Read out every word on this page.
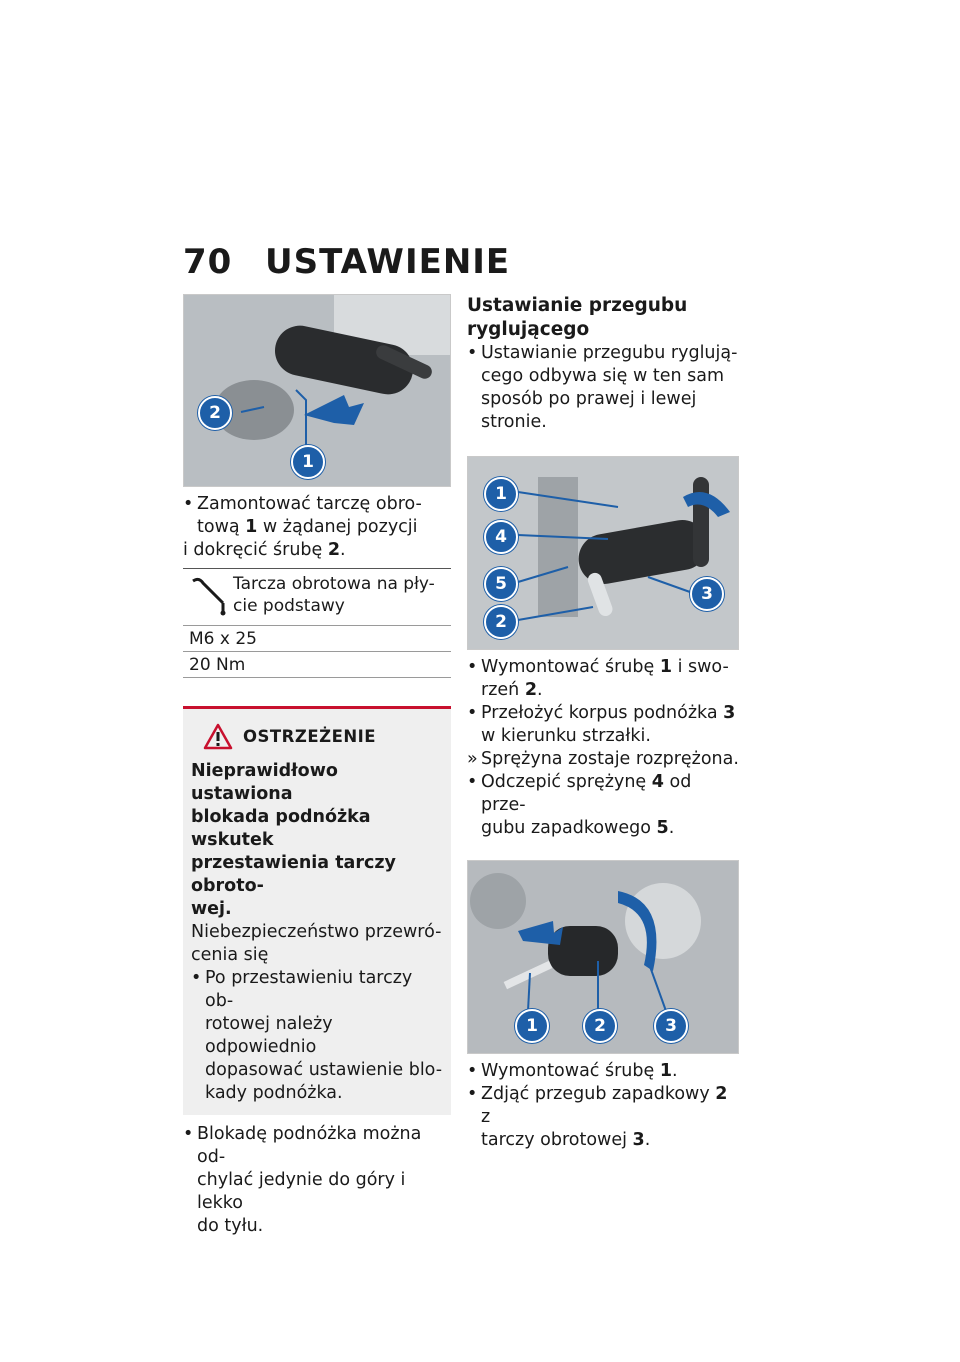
70 USTAWIENIE
2
1
• Zamontować tarczę obro-
tową 1 w żądanej pozycji
i dokręcić śrubę 2.
Tarcza obrotowa na pły-
cie podstawy
M6 x 25
20 Nm
OSTRZEŻENIE
Nieprawidłowo ustawiona
blokada podnóżka wskutek
przestawienia tarczy obroto-
wej.
Niebezpieczeństwo przewró-
cenia się
• Po przestawieniu tarczy ob-
rotowej należy odpowiednio
dopasować ustawienie blo-
kady podnóżka.
• Blokadę podnóżka można od-
chylać jedynie do góry i lekko
do tyłu.
Ustawianie przegubu
ryglującego
• Ustawianie przegubu ryglują-
cego odbywa się w ten sam
sposób po prawej i lewej
stronie.
1
4
5
2
3
• Wymontować śrubę 1 i swo-
rzeń 2.
• Przełożyć korpus podnóżka 3
w kierunku strzałki.
» Sprężyna zostaje rozprężona.
• Odczepić sprężynę 4 od prze-
gubu zapadkowego 5.
1	2	3
• Wymontować śrubę 1.
• Zdjąć przegub zapadkowy 2 z
tarczy obrotowej 3.
